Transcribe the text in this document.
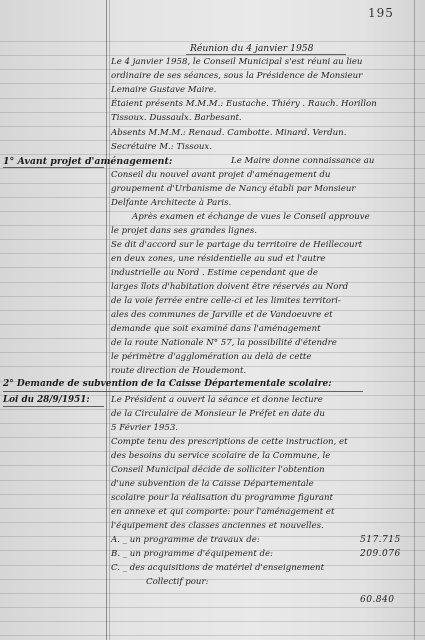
195
Réunion du 4 janvier 1958
Le 4 janvier 1958, le Conseil Municipal s'est réuni au lieu
ordinaire de ses séances, sous la Présidence de Monsieur
Lemaire Gustave Maire.
Étaient présents M.M.M.: Eustache. Thiéry . Rauch. Horillon
Tissoux. Dussaulx. Barbesant.
Absents M.M.M.: Renaud. Cambotte. Minard. Verdun.
Secrétaire M.: Tissoux.
1° Avant projet d'aménagement:	Le Maire donne connaissance au
Conseil du nouvel avant projet d'aménagement du
groupement d'Urbanisme de Nancy établi par Monsieur
Delfante Architecte à Paris.
Après examen et échange de vues le Conseil approuve
le projet dans ses grandes lignes.
Se dit d'accord sur le partage du territoire de Heillecourt
en deux zones, une résidentielle au sud et l'autre
industrielle au Nord . Estime cependant que de
larges îlots d'habitation doivent être réservés au Nord
de la voie ferrée entre celle-ci et les limites territori-
ales des communes de Jarville et de Vandoeuvre et
demande que soit examiné dans l'aménagement
de la route Nationale N° 57, la possibilité d'étendre
le périmètre d'agglomération au delà de cette
route direction de Houdemont.
2° Demande de subvention de la Caisse Départementale scolaire:
Loi du 28/9/1951: Le Président a ouvert la séance et donne lecture
de la Circulaire de Monsieur le Préfet en date du
5 Février 1953.
Compte tenu des prescriptions de cette instruction, et
des besoins du service scolaire de la Commune, le
Conseil Municipal décide de solliciter l'obtention
d'une subvention de la Caisse Départementale
scolaire pour la réalisation du programme figurant
en annexe et qui comporte: pour l'aménagement et
l'équipement des classes anciennes et nouvelles.
A. _ un programme de travaux de:	517.715
B. _ un programme d'équipement de:	209.076
C. _ des acquisitions de matériel d'enseignement
Collectif pour:
60.840
